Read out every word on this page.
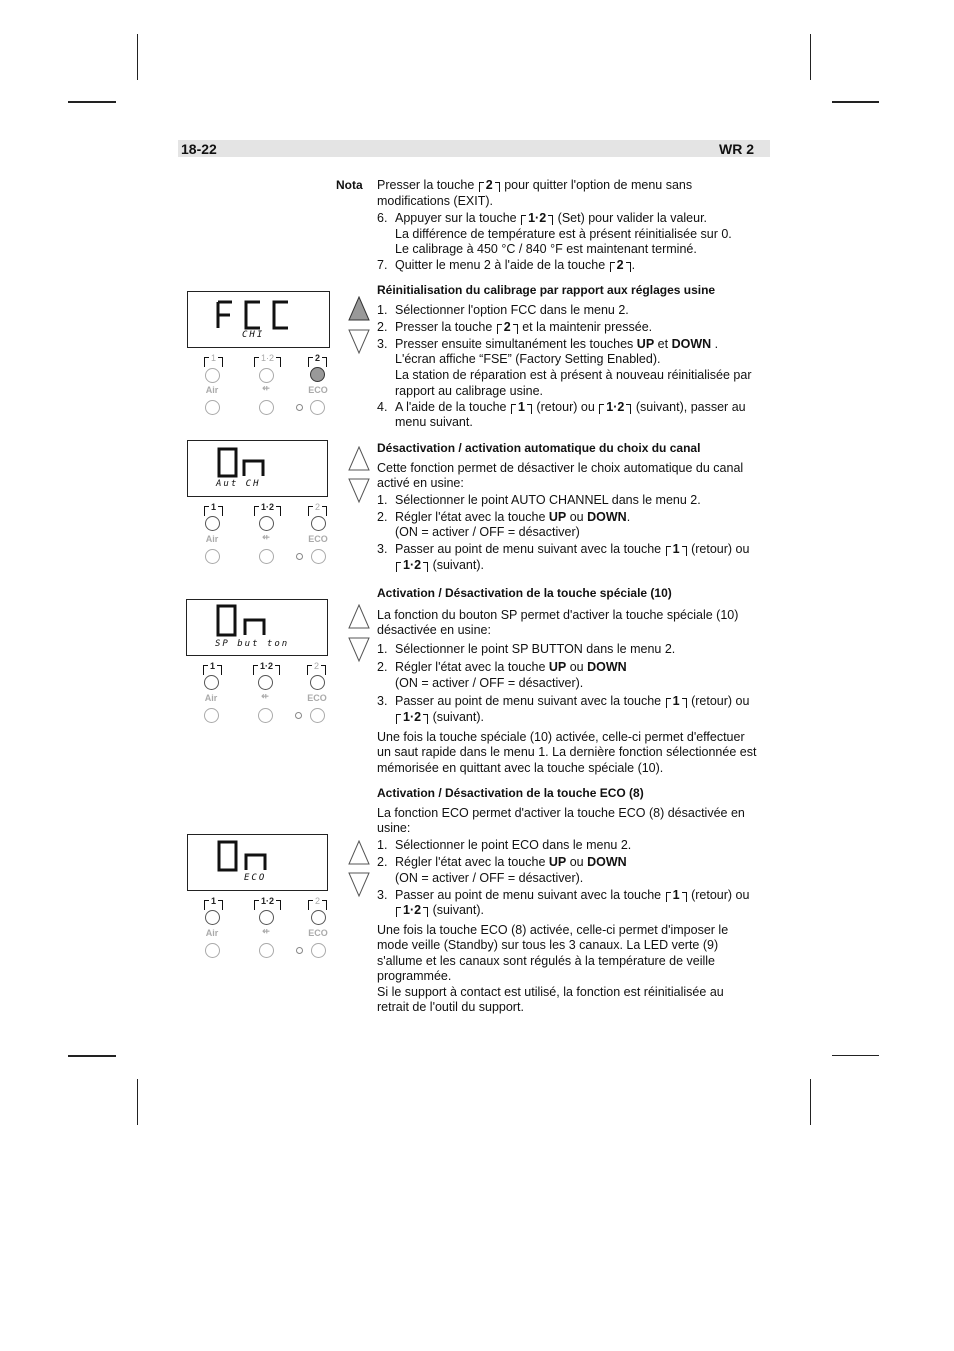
18-22	WR 2
Nota Presser la touche 2 pour quitter l'option de menu sans
modifications (EXIT).
6. Appuyer sur la touche 1·2 (Set) pour valider la valeur.
La différence de température est à présent réinitialisée sur 0.
Le calibrage à 450 °C / 840 °F est maintenant terminé.
7. Quitter le menu 2 à l'aide de la touche 2 .
Réinitialisation du calibrage par rapport aux réglages usine
1. Sélectionner l'option FCC dans le menu 2.
2. Presser la touche 2 et la maintenir pressée.
3. Presser ensuite simultanément les touches UP et DOWN .
L'écran affiche “FSE” (Factory Setting Enabled).
La station de réparation est à présent à nouveau réinitialisée par
rapport au calibrage usine.
4. A l'aide de la touche 1 (retour) ou 1·2 (suivant), passer au
menu suivant.
Désactivation / activation automatique du choix du canal
Cette fonction permet de désactiver le choix automatique du canal
activé en usine:
1. Sélectionner le point AUTO CHANNEL dans le menu 2.
2. Régler l'état avec la touche UP ou DOWN.
(ON = activer / OFF = désactiver)
3. Passer au point de menu suivant avec la touche 1 (retour) ou
1·2 (suivant).
Activation / Désactivation de la touche spéciale (10)
La fonction du bouton SP permet d'activer la touche spéciale (10)
désactivée en usine:
1. Sélectionner le point SP BUTTON dans le menu 2.
2. Régler l'état avec la touche UP ou DOWN
(ON = activer / OFF = désactiver).
3. Passer au point de menu suivant avec la touche 1 (retour) ou
1·2 (suivant).
Une fois la touche spéciale (10) activée, celle-ci permet d'effectuer
un saut rapide dans le menu 1. La dernière fonction sélectionnée est
mémorisée en quittant avec la touche spéciale (10).
Activation / Désactivation de la touche ECO (8)
La fonction ECO permet d'activer la touche ECO (8) désactivée en
usine:
1. Sélectionner le point ECO dans le menu 2.
2. Régler l'état avec la touche UP ou DOWN
(ON = activer / OFF = désactiver).
3. Passer au point de menu suivant avec la touche 1 (retour) ou
1·2 (suivant).
Une fois la touche ECO (8) activée, celle-ci permet d'imposer le
mode veille (Standby) sur tous les 3 canaux. La LED verte (9)
s'allume et les canaux sont régulés à la température de veille
programmée.
Si le support à contact est utilisé, la fonction est réinitialisée au
retrait de l'outil du support.
CHI
Aut CH
SP but ton
ECO
1	1·2	2
Air	⇷	ECO
1	1·2	2
Air	⇷	ECO
1	1·2	2
Air	⇷	ECO
1	1·2	2
Air	⇷	ECO
